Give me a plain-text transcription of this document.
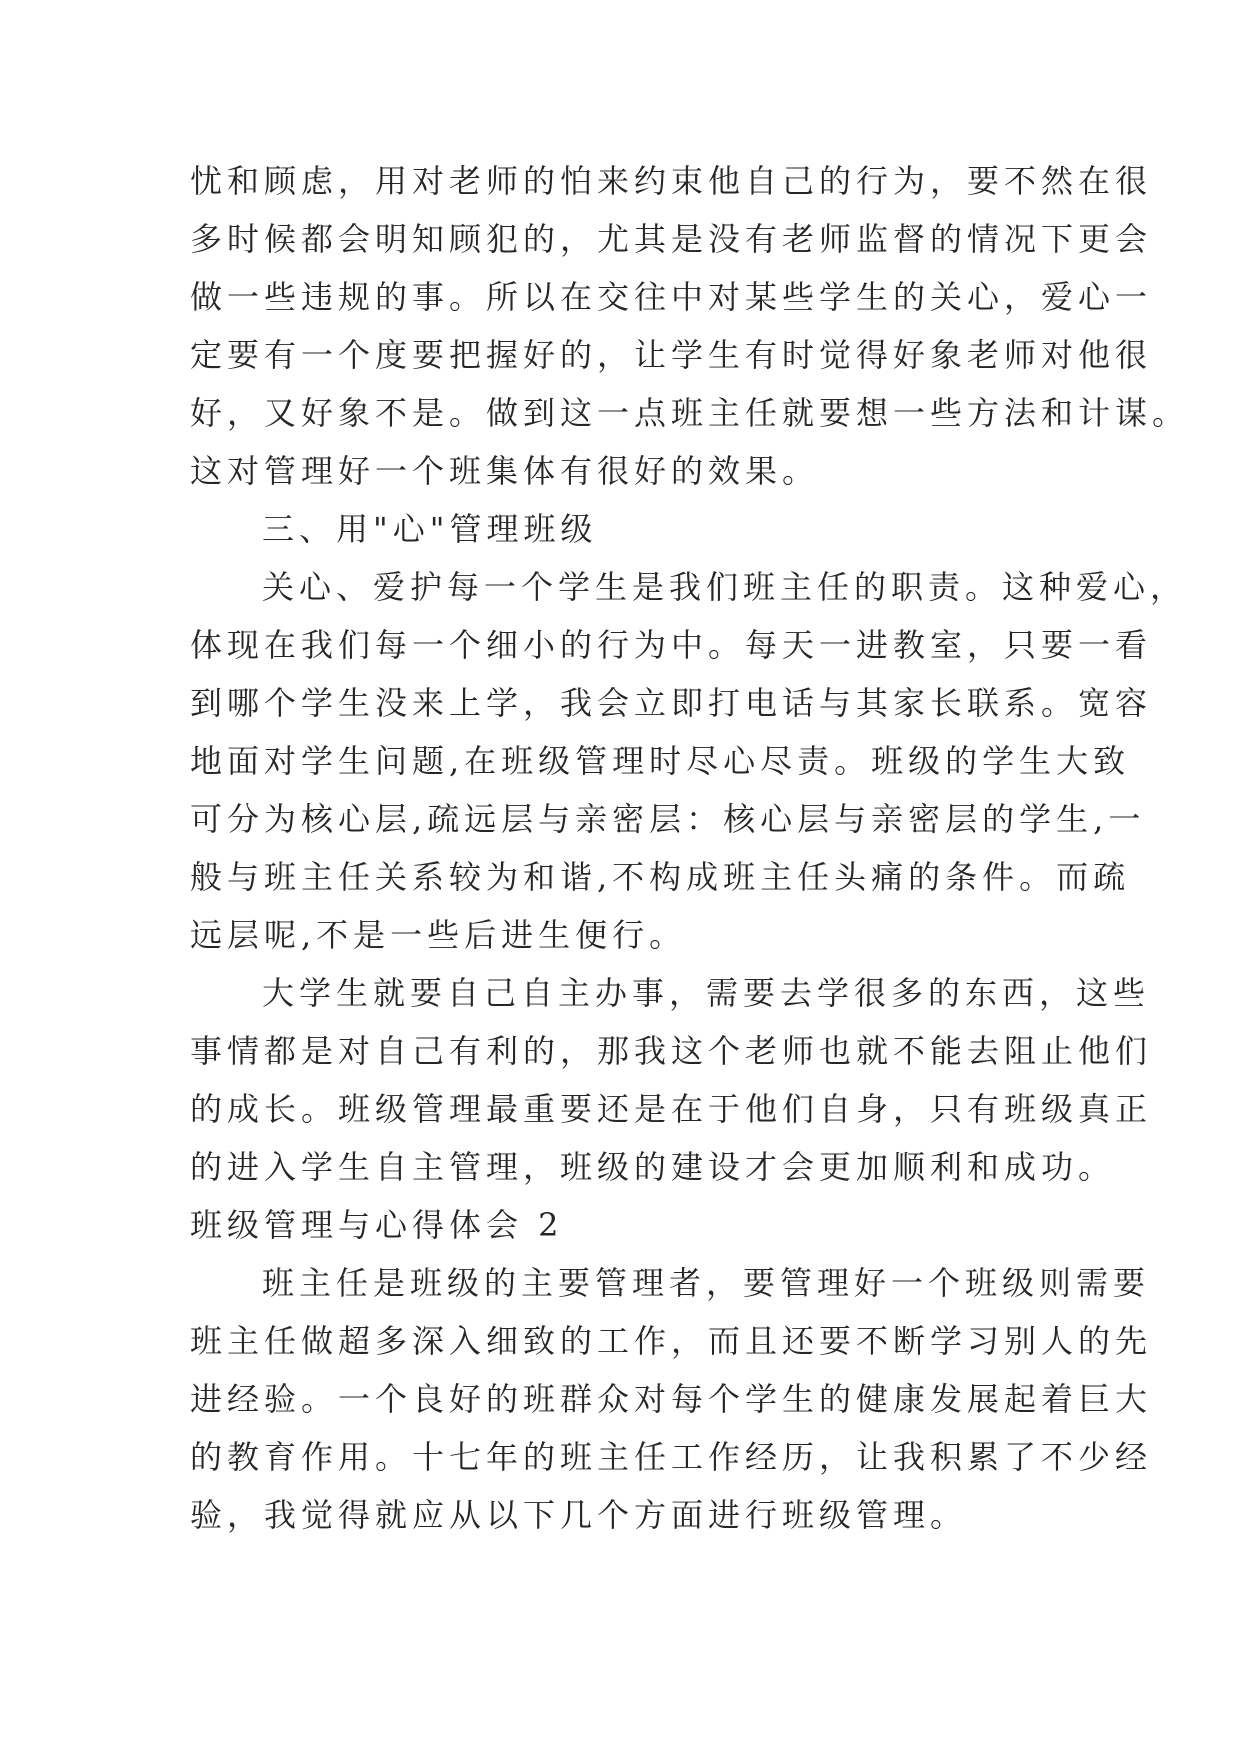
忧和顾虑，用对老师的怕来约束他自己的行为，要不然在很
多时候都会明知顾犯的，尤其是没有老师监督的情况下更会
做一些违规的事。所以在交往中对某些学生的关心，爱心一
定要有一个度要把握好的，让学生有时觉得好象老师对他很
好，又好象不是。做到这一点班主任就要想一些方法和计谋。
这对管理好一个班集体有很好的效果。
三、用"心"管理班级
关心、爱护每一个学生是我们班主任的职责。这种爱心，
体现在我们每一个细小的行为中。每天一进教室，只要一看
到哪个学生没来上学，我会立即打电话与其家长联系。宽容
地面对学生问题,在班级管理时尽心尽责。班级的学生大致
可分为核心层,疏远层与亲密层：核心层与亲密层的学生,一
般与班主任关系较为和谐,不构成班主任头痛的条件。而疏
远层呢,不是一些后进生便行。
大学生就要自己自主办事，需要去学很多的东西，这些
事情都是对自己有利的，那我这个老师也就不能去阻止他们
的成长。班级管理最重要还是在于他们自身，只有班级真正
的进入学生自主管理，班级的建设才会更加顺利和成功。
班级管理与心得体会 2
班主任是班级的主要管理者，要管理好一个班级则需要
班主任做超多深入细致的工作，而且还要不断学习别人的先
进经验。一个良好的班群众对每个学生的健康发展起着巨大
的教育作用。十七年的班主任工作经历，让我积累了不少经
验，我觉得就应从以下几个方面进行班级管理。
